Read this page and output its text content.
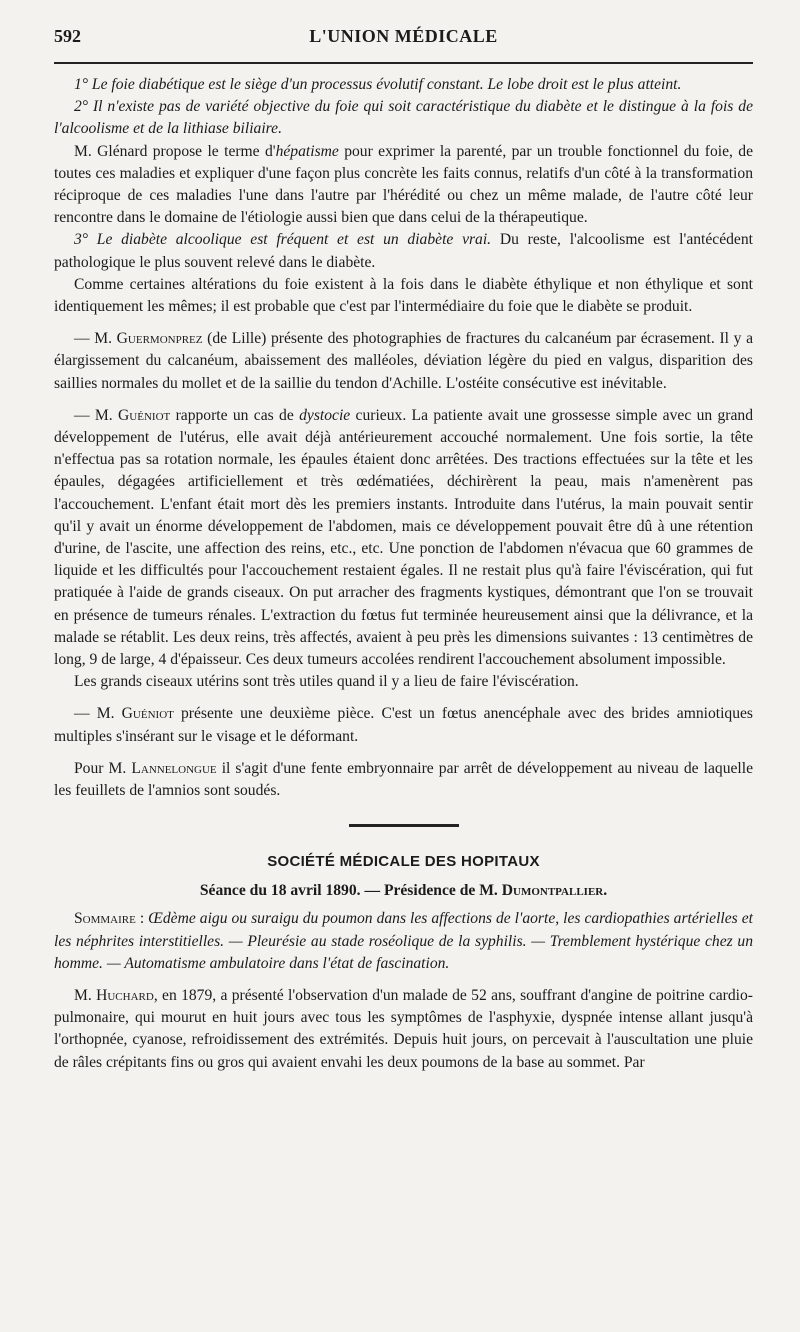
592	L'UNION MÉDICALE

1° Le foie diabétique est le siège d'un processus évolutif constant. Le lobe droit est le plus atteint.

2° Il n'existe pas de variété objective du foie qui soit caractéristique du diabète et le distingue à la fois de l'alcoolisme et de la lithiase biliaire.

M. Glénard propose le terme d'hépatisme pour exprimer la parenté, par un trouble fonctionnel du foie, de toutes ces maladies et expliquer d'une façon plus concrète les faits connus, relatifs d'un côté à la transformation réciproque de ces maladies l'une dans l'autre par l'hérédité ou chez un même malade, de l'autre côté leur rencontre dans le domaine de l'étiologie aussi bien que dans celui de la thérapeutique.

3° Le diabète alcoolique est fréquent et est un diabète vrai. Du reste, l'alcoolisme est l'antécédent pathologique le plus souvent relevé dans le diabète.

Comme certaines altérations du foie existent à la fois dans le diabète éthylique et non éthylique et sont identiquement les mêmes; il est probable que c'est par l'intermédiaire du foie que le diabète se produit.

— M. Guermonprez (de Lille) présente des photographies de fractures du calcanéum par écrasement. Il y a élargissement du calcanéum, abaissement des malléoles, déviation légère du pied en valgus, disparition des saillies normales du mollet et de la saillie du tendon d'Achille. L'ostéite consécutive est inévitable.

— M. Guéniot rapporte un cas de dystocie curieux. La patiente avait une grossesse simple avec un grand développement de l'utérus, elle avait déjà antérieurement accouché normalement. Une fois sortie, la tête n'effectua pas sa rotation normale, les épaules étaient donc arrêtées. Des tractions effectuées sur la tête et les épaules, dégagées artificiellement et très œdématiées, déchirèrent la peau, mais n'amenèrent pas l'accouchement. L'enfant était mort dès les premiers instants. Introduite dans l'utérus, la main pouvait sentir qu'il y avait un énorme développement de l'abdomen, mais ce développement pouvait être dû à une rétention d'urine, de l'ascite, une affection des reins, etc., etc. Une ponction de l'abdomen n'évacua que 60 grammes de liquide et les difficultés pour l'accouchement restaient égales. Il ne restait plus qu'à faire l'éviscération, qui fut pratiquée à l'aide de grands ciseaux. On put arracher des fragments kystiques, démontrant que l'on se trouvait en présence de tumeurs rénales. L'extraction du fœtus fut terminée heureusement ainsi que la délivrance, et la malade se rétablit. Les deux reins, très affectés, avaient à peu près les dimensions suivantes : 13 centimètres de long, 9 de large, 4 d'épaisseur. Ces deux tumeurs accolées rendirent l'accouchement absolument impossible.

Les grands ciseaux utérins sont très utiles quand il y a lieu de faire l'éviscération.

— M. Guéniot présente une deuxième pièce. C'est un fœtus anencéphale avec des brides amniotiques multiples s'insérant sur le visage et le déformant.

Pour M. Lannelongue il s'agit d'une fente embryonnaire par arrêt de développement au niveau de laquelle les feuillets de l'amnios sont soudés.

SOCIÉTÉ MÉDICALE DES HOPITAUX
Séance du 18 avril 1890. — Présidence de M. Dumontpallier.
Sommaire : Œdème aigu ou suraigu du poumon dans les affections de l'aorte, les cardiopathies artérielles et les néphrites interstitielles. — Pleurésie au stade roséolique de la syphilis. — Tremblement hystérique chez un homme. — Automatisme ambulatoire dans l'état de fascination.

M. Huchard, en 1879, a présenté l'observation d'un malade de 52 ans, souffrant d'angine de poitrine cardio-pulmonaire, qui mourut en huit jours avec tous les symptômes de l'asphyxie, dyspnée intense allant jusqu'à l'orthopnée, cyanose, refroidissement des extrémités. Depuis huit jours, on percevait à l'auscultation une pluie de râles crépitants fins ou gros qui avaient envahi les deux poumons de la base au sommet. Par
